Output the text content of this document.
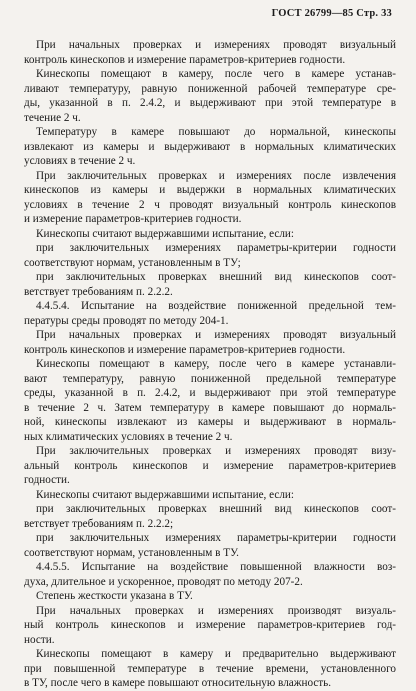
ГОСТ 26799—85 Стр. 33
При начальных проверках и измерениях проводят визуальный
контроль кинескопов и измерение параметров-критериев годности.
Кинескопы помещают в камеру, после чего в камере устанав-
ливают температуру, равную пониженной рабочей температуре сре-
ды, указанной в п. 2.4.2, и выдерживают при этой температуре в
течение 2 ч.
Температуру в камере повышают до нормальной, кинескопы
извлекают из камеры и выдерживают в нормальных климатических
условиях в течение 2 ч.
При заключительных проверках и измерениях после извлечения
кинескопов из камеры и выдержки в нормальных климатических
условиях в течение 2 ч проводят визуальный контроль кинескопов
и измерение параметров-критериев годности.
Кинескопы считают выдержавшими испытание, если:
при заключительных измерениях параметры-критерии годности
соответствуют нормам, установленным в ТУ;
при заключительных проверках внешний вид кинескопов соот-
ветствует требованиям п. 2.2.2.
4.4.5.4. Испытание на воздействие пониженной предельной тем-
пературы среды проводят по методу 204-1.
При начальных проверках и измерениях проводят визуальный
контроль кинескопов и измерение параметров-критериев годности.
Кинескопы помещают в камеру, после чего в камере устанавли-
вают температуру, равную пониженной предельной температуре
среды, указанной в п. 2.4.2, и выдерживают при этой температуре
в течение 2 ч. Затем температуру в камере повышают до нормаль-
ной, кинескопы извлекают из камеры и выдерживают в нормаль-
ных климатических условиях в течение 2 ч.
При заключительных проверках и измерениях проводят визу-
альный контроль кинескопов и измерение параметров-критериев
годности.
Кинескопы считают выдержавшими испытание, если:
при заключительных проверках внешний вид кинескопов соот-
ветствует требованиям п. 2.2.2;
при заключительных измерениях параметры-критерии годности
соответствуют нормам, установленным в ТУ.
4.4.5.5. Испытание на воздействие повышенной влажности воз-
духа, длительное и ускоренное, проводят по методу 207-2.
Степень жесткости указана в ТУ.
При начальных проверках и измерениях производят визуаль-
ный контроль кинескопов и измерение параметров-критериев год-
ности.
Кинескопы помещают в камеру и предварительно выдерживают
при повышенной температуре в течение времени, установленного
в ТУ, после чего в камере повышают относительную влажность.
